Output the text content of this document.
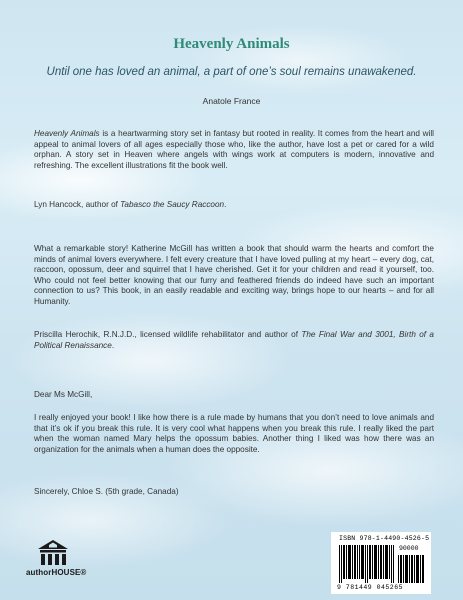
Heavenly Animals
Until one has loved an animal, a part of one’s soul remains unawakened.
Anatole France
Heavenly Animals is a heartwarming story set in fantasy but rooted in reality. It comes from the heart and will appeal to animal lovers of all ages especially those who, like the author, have lost a pet or cared for a wild orphan. A story set in Heaven where angels with wings work at computers is modern, innovative and refreshing. The excellent illustrations fit the book well.
Lyn Hancock, author of Tabasco the Saucy Raccoon.
What a remarkable story! Katherine McGill has written a book that should warm the hearts and comfort the minds of animal lovers everywhere. I felt every creature that I have loved pulling at my heart – every dog, cat, raccoon, opossum, deer and squirrel that I have cherished. Get it for your children and read it yourself, too. Who could not feel better knowing that our furry and feathered friends do indeed have such an important connection to us? This book, in an easily readable and exciting way, brings hope to our hearts – and for all Humanity.
Priscilla Herochik, R.N.J.D., licensed wildlife rehabilitator and author of The Final War and 3001, Birth of a Political Renaissance.
Dear Ms McGill,
I really enjoyed your book! I like how there is a rule made by humans that you don’t need to love animals and that it’s ok if you break this rule. It is very cool what happens when you break this rule. I really liked the part when the woman named Mary helps the opossum babies. Another thing I liked was how there was an organization for the animals when a human does the opposite.
Sincerely, Chloe S. (5th grade, Canada)
authorHOUSE®
ISBN 978-1-4490-4526-5
90000
9 781449 045265
